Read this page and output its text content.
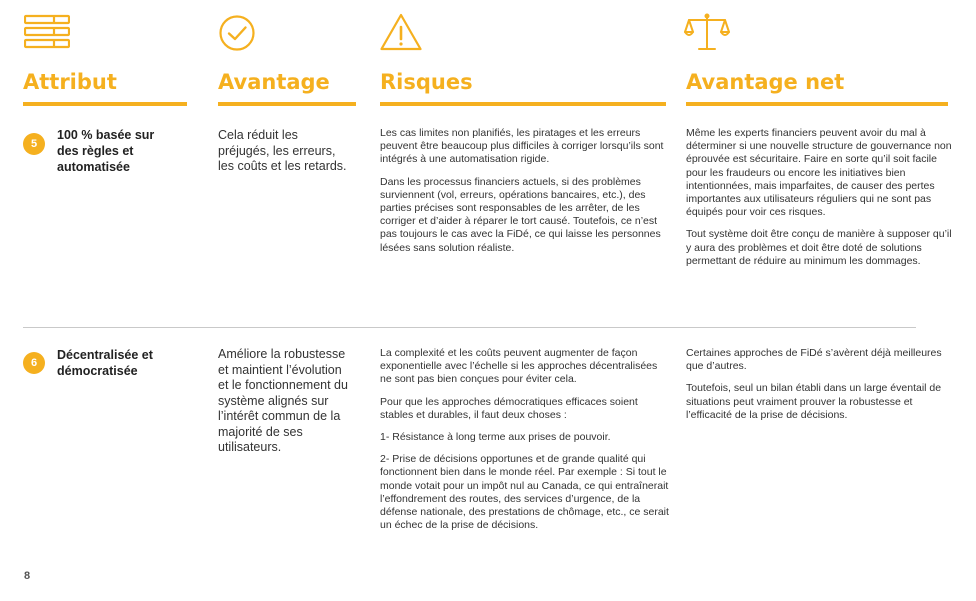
Attribut	Avantage Risques	Avantage net
5

100 % basée sur des règles et automatisée

Cela réduit les préjugés, les erreurs, les coûts et les retards.

Les cas limites non planifiés, les piratages et les erreurs peuvent être beaucoup plus difficiles à corriger lorsqu’ils sont intégrés à une automatisation rigide.

Dans les processus financiers actuels, si des problèmes surviennent (vol, erreurs, opérations bancaires, etc.), des parties précises sont responsables de les arrêter, de les corriger et d’aider à réparer le tort causé. Toutefois, ce n’est pas toujours le cas avec la FiDé, ce qui laisse les personnes lésées sans solution réaliste.

Même les experts financiers peuvent avoir du mal à déterminer si une nouvelle structure de gouvernance non éprouvée est sécuritaire. Faire en sorte qu’il soit facile pour les fraudeurs ou encore les initiatives bien intentionnées, mais imparfaites, de causer des pertes importantes aux utilisateurs réguliers qui ne sont pas équipés pour voir ces risques.

Tout système doit être conçu de manière à supposer qu’il y aura des problèmes et doit être doté de solutions permettant de réduire au minimum les dommages.

6

Décentralisée et démocratisée

Améliore la robustesse et maintient l’évolution et le fonctionnement du système alignés sur l’intérêt commun de la majorité de ses utilisateurs.

La complexité et les coûts peuvent augmenter de façon exponentielle avec l’échelle si les approches décentralisées ne sont pas bien conçues pour éviter cela.

Pour que les approches démocratiques efficaces soient stables et durables, il faut deux choses :

1- Résistance à long terme aux prises de pouvoir.

2- Prise de décisions opportunes et de grande qualité qui fonctionnent bien dans le monde réel. Par exemple : Si tout le monde votait pour un impôt nul au Canada, ce qui entraînerait l’effondrement des routes, des services d’urgence, de la défense nationale, des prestations de chômage, etc., ce serait un échec de la prise de décisions.

Certaines approches de FiDé s’avèrent déjà meilleures que d’autres.

Toutefois, seul un bilan établi dans un large éventail de situations peut vraiment prouver la robustesse et l’efficacité de la prise de décisions.

8
